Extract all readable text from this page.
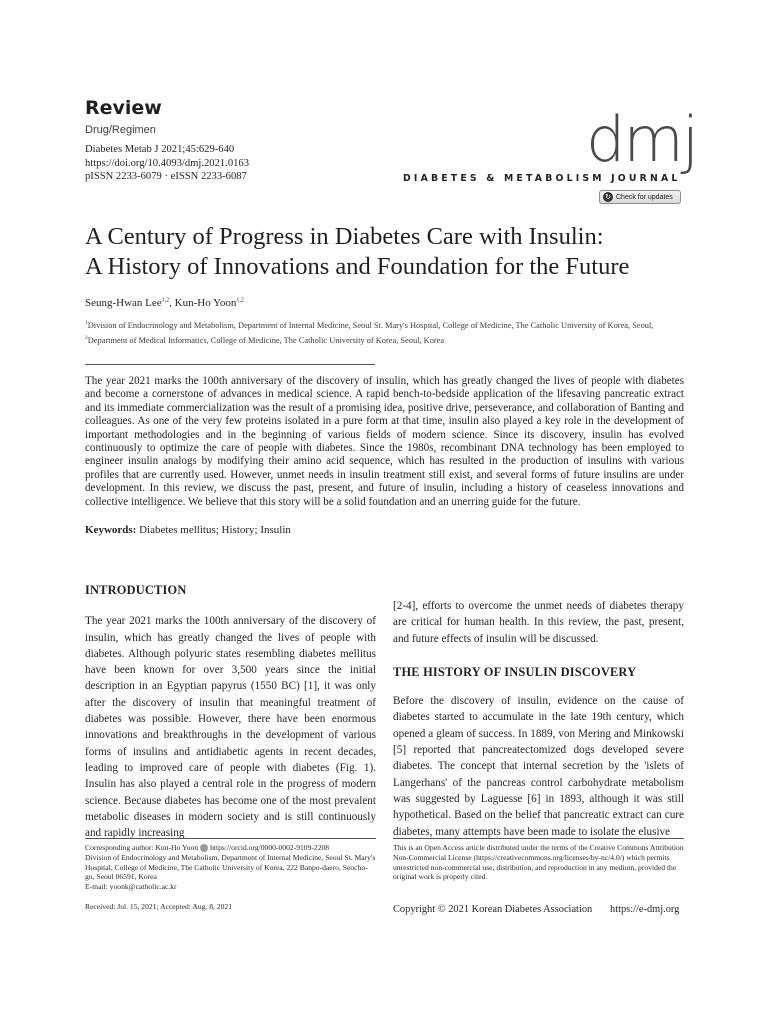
Review
Drug/Regimen
Diabetes Metab J 2021;45:629-640
https://doi.org/10.4093/dmj.2021.0163
pISSN 2233-6079 · eISSN 2233-6087
dmj
DIABETES & METABOLISM JOURNAL
↻ Check for updates
A Century of Progress in Diabetes Care with Insulin:
A History of Innovations and Foundation for the Future
Seung-Hwan Lee$^{1,2}$, Kun-Ho Yoon$^{1,2}$

$^1$Division of Endocrinology and Metabolism, Department of Internal Medicine, Seoul St. Mary's Hospital, College of Medicine, The Catholic University of Korea, Seoul,

$^2$Department of Medical Informatics, College of Medicine, The Catholic University of Korea, Seoul, Korea

The year 2021 marks the 100th anniversary of the discovery of insulin, which has greatly changed the lives of people with diabetes and become a cornerstone of advances in medical science. A rapid bench-to-bedside application of the lifesaving pancreatic extract and its immediate commercialization was the result of a promising idea, positive drive, perseverance, and collaboration of Banting and colleagues. As one of the very few proteins isolated in a pure form at that time, insulin also played a key role in the development of important methodologies and in the beginning of various fields of modern science. Since its discovery, insulin has evolved continuously to optimize the care of people with diabetes. Since the 1980s, recombinant DNA technology has been employed to engineer insulin analogs by modifying their amino acid sequence, which has resulted in the production of insulins with various profiles that are currently used. However, unmet needs in insulin treatment still exist, and several forms of future insulins are under development. In this review, we discuss the past, present, and future of insulin, including a history of ceaseless innovations and collective intelligence. We believe that this story will be a solid foundation and an unerring guide for the future.

Keywords: Diabetes mellitus; History; Insulin
INTRODUCTION

The year 2021 marks the 100th anniversary of the discovery of insulin, which has greatly changed the lives of people with diabetes. Although polyuric states resembling diabetes mellitus have been known for over 3,500 years since the initial description in an Egyptian papyrus (1550 BC) [1], it was only after the discovery of insulin that meaningful treatment of diabetes was possible. However, there have been enormous innovations and breakthroughs in the development of various forms of insulins and antidiabetic agents in recent decades, leading to improved care of people with diabetes (Fig. 1). Insulin has also played a central role in the progress of modern science. Because diabetes has become one of the most prevalent metabolic diseases in modern society and is still continuously and rapidly increasing

[2-4], efforts to overcome the unmet needs of diabetes therapy are critical for human health. In this review, the past, present, and future effects of insulin will be discussed.

THE HISTORY OF INSULIN DISCOVERY

Before the discovery of insulin, evidence on the cause of diabetes started to accumulate in the late 19th century, which opened a gleam of success. In 1889, von Mering and Minkowski [5] reported that pancreatectomized dogs developed severe diabetes. The concept that internal secretion by the 'islets of Langerhans' of the pancreas control carbohydrate metabolism was suggested by Laguesse [6] in 1893, although it was still hypothetical. Based on the belief that pancreatic extract can cure diabetes, many attempts have been made to isolate the elusive

Corresponding author: Kun-Ho Yoon https://orcid.org/0000-0002-9109-2208
Division of Endocrinology and Metabolism, Department of Internal Medicine, Seoul St. Mary's Hospital, College of Medicine, The Catholic University of Korea, 222 Banpo-daero, Seocho-gu, Seoul 06591, Korea
E-mail: yoonk@catholic.ac.kr
Received: Jul. 15, 2021; Accepted: Aug. 8, 2021
This is an Open Access article distributed under the terms of the Creative Commons Attribution Non-Commercial License (https://creativecommons.org/licenses/by-nc/4.0/) which permits unrestricted non-commercial use, distribution, and reproduction in any medium, provided the original work is properly cited.
Copyright © 2021 Korean Diabetes Association https://e-dmj.org
